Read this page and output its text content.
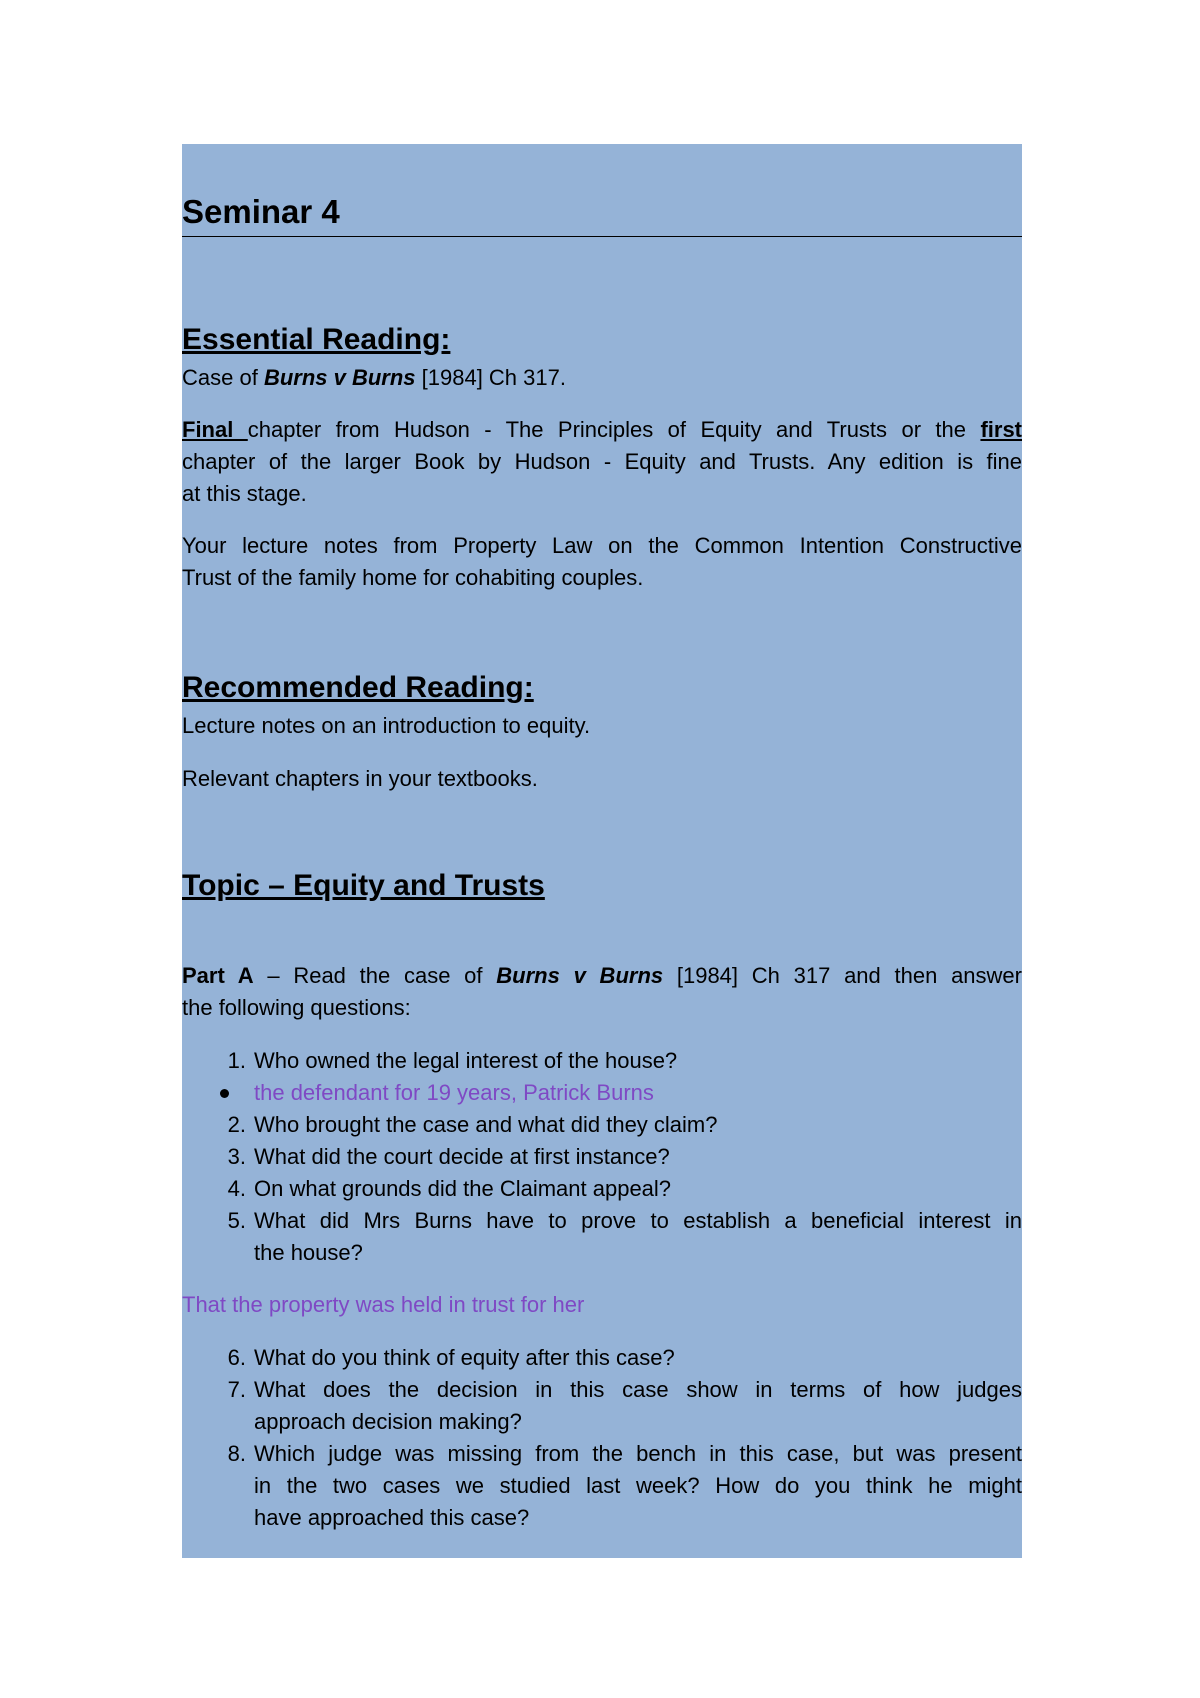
Seminar 4
Essential Reading:
Case of Burns v Burns [1984] Ch 317.
Final chapter from Hudson - The Principles of Equity and Trusts or the first
chapter of the larger Book by Hudson - Equity and Trusts. Any edition is fine
at this stage.
Your lecture notes from Property Law on the Common Intention Constructive
Trust of the family home for cohabiting couples.
Recommended Reading:
Lecture notes on an introduction to equity.
Relevant chapters in your textbooks.
Topic – Equity and Trusts
Part A – Read the case of Burns v Burns [1984] Ch 317 and then answer
the following questions:
1. Who owned the legal interest of the house?
the defendant for 19 years, Patrick Burns
2. Who brought the case and what did they claim?
3. What did the court decide at first instance?
4. On what grounds did the Claimant appeal?
5. What did Mrs Burns have to prove to establish a beneficial interest in
the house?
That the property was held in trust for her
6. What do you think of equity after this case?
7. What does the decision in this case show in terms of how judges
approach decision making?
8. Which judge was missing from the bench in this case, but was present
in the two cases we studied last week? How do you think he might
have approached this case?
